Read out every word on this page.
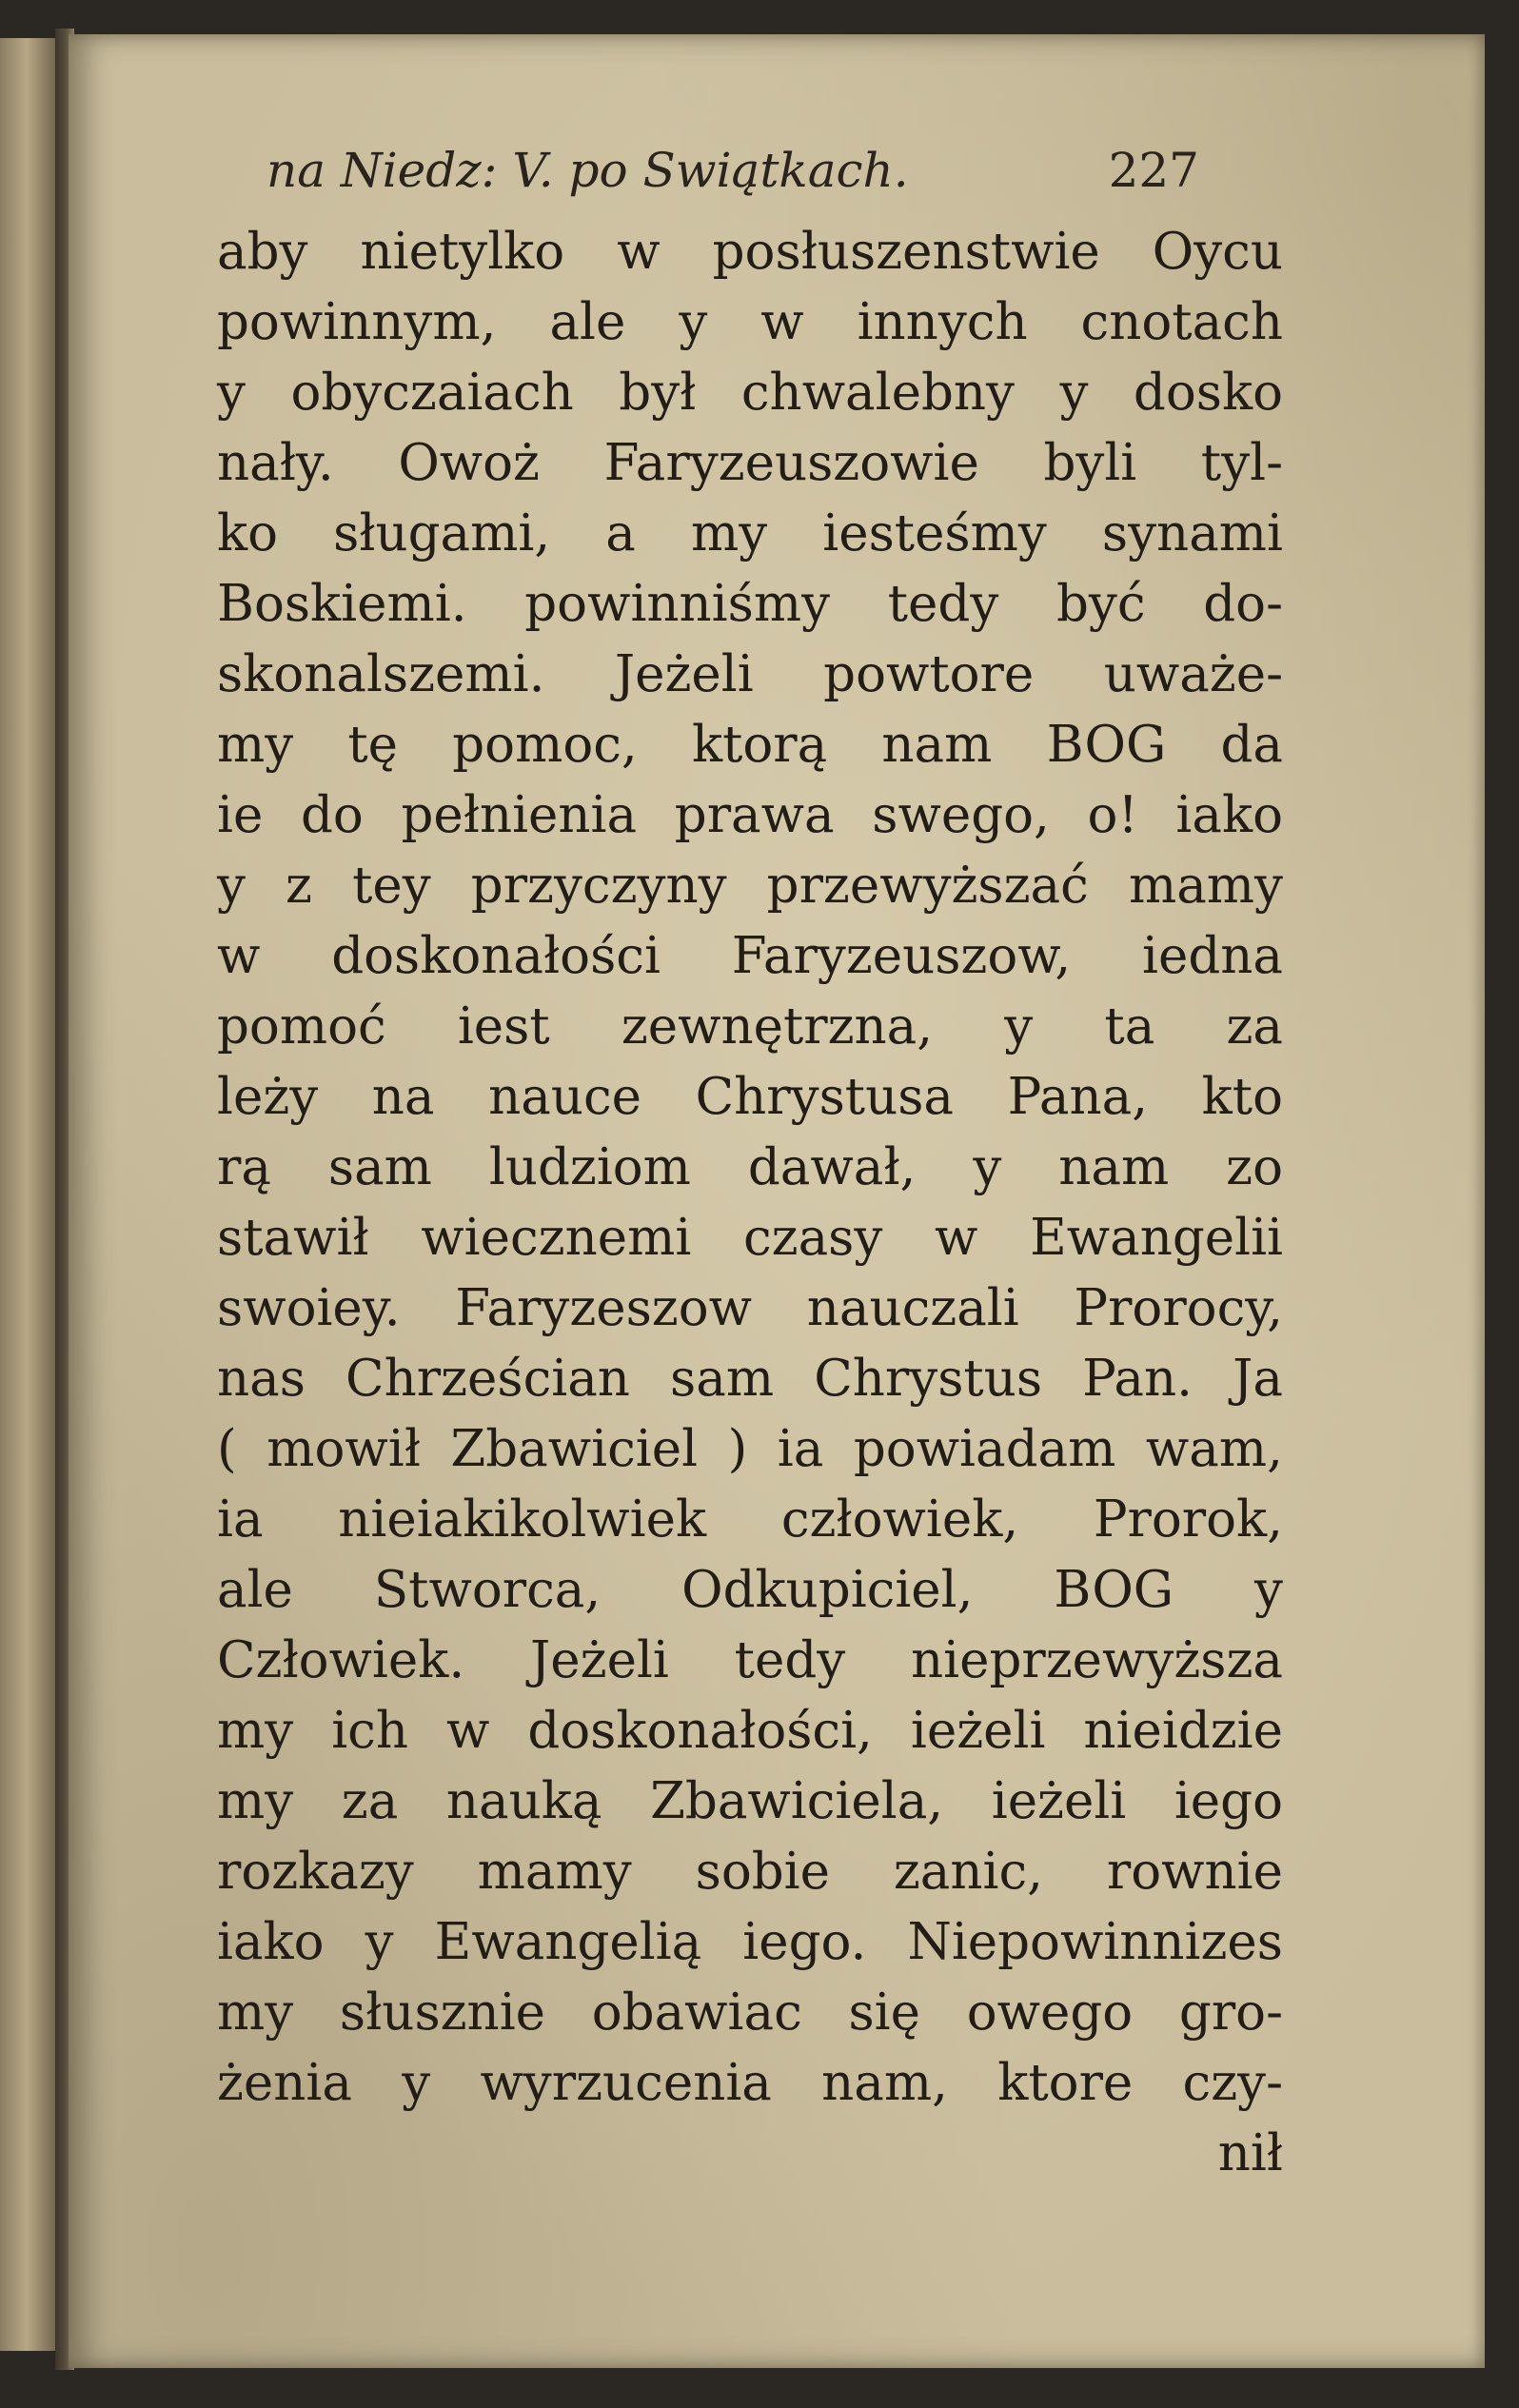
na Niedz: V. po Swiątkach.	227
aby nietylko w posłuszenstwie Oycu
powinnym, ale y w innych cnotach
y obyczaiach był chwalebny y dosko
nały. Owoż Faryzeuszowie byli tyl-
ko sługami, a my iesteśmy synami
Boskiemi. powinniśmy tedy być do-
skonalszemi. Jeżeli powtore uważe-
my tę pomoc, ktorą nam BOG da
ie do pełnienia prawa swego, o! iako
y z tey przyczyny przewyższać mamy
w doskonałości Faryzeuszow, iedna
pomoć iest zewnętrzna, y ta za
leży na nauce Chrystusa Pana, kto
rą sam ludziom dawał, y nam zo
stawił wiecznemi czasy w Ewangelii
swoiey. Faryzeszow nauczali Prorocy,
nas Chrześcian sam Chrystus Pan. Ja
( mowił Zbawiciel ) ia powiadam wam,
ia nieiakikolwiek człowiek, Prorok,
ale Stworca, Odkupiciel, BOG y
Człowiek. Jeżeli tedy nieprzewyższa
my ich w doskonałości, ieżeli nieidzie
my za nauką Zbawiciela, ieżeli iego
rozkazy mamy sobie zanic, rownie
iako y Ewangelią iego. Niepowinnizes
my słusznie obawiac się owego gro-
żenia y wyrzucenia nam, ktore czy-
nił
